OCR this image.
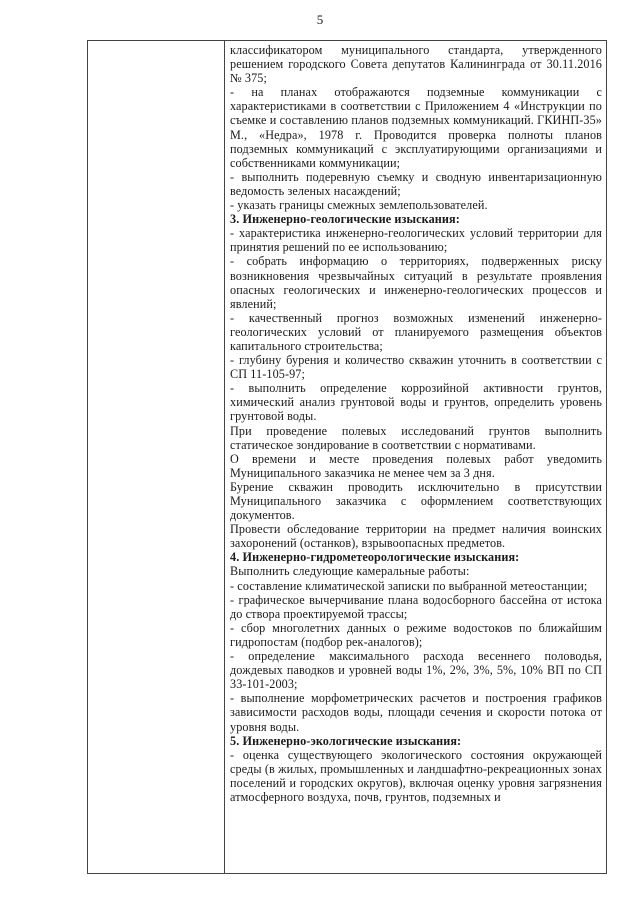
5

классификатором муниципального стандарта, утвержденного решением городского Совета депутатов Калининграда от 30.11.2016 № 375;

- на планах отображаются подземные коммуникации с характеристиками в соответствии с Приложением 4 «Инструкции по съемке и составлению планов подземных коммуникаций. ГКИНП-35» М., «Недра», 1978 г. Проводится проверка полноты планов подземных коммуникаций с эксплуатирующими организациями и собственниками коммуникации;

- выполнить подеревную съемку и сводную инвентаризационную ведомость зеленых насаждений;

- указать границы смежных землепользователей.

3. Инженерно-геологические изыскания:

- характеристика инженерно-геологических условий территории для принятия решений по ее использованию;

- собрать информацию о территориях, подверженных риску возникновения чрезвычайных ситуаций в результате проявления опасных геологических и инженерно-геологических процессов и явлений;

- качественный прогноз возможных изменений инженерно-геологических условий от планируемого размещения объектов капитального строительства;

- глубину бурения и количество скважин уточнить в соответствии с СП 11-105-97;

- выполнить определение коррозийной активности грунтов, химический анализ грунтовой воды и грунтов, определить уровень грунтовой воды.

При проведение полевых исследований грунтов выполнить статическое зондирование в соответствии с нормативами.

О времени и месте проведения полевых работ уведомить Муниципального заказчика не менее чем за 3 дня.

Бурение скважин проводить исключительно в присутствии Муниципального заказчика с оформлением соответствующих документов.

Провести обследование территории на предмет наличия воинских захоронений (останков), взрывоопасных предметов.

4. Инженерно-гидрометеорологические изыскания:

Выполнить следующие камеральные работы:

- составление климатической записки по выбранной метеостанции;

- графическое вычерчивание плана водосборного бассейна от истока до створа проектируемой трассы;

- сбор многолетних данных о режиме водостоков по ближайшим гидропостам (подбор рек-аналогов);

- определение максимального расхода весеннего половодья, дождевых паводков и уровней воды 1%, 2%, 3%, 5%, 10% ВП по СП 33-101-2003;

- выполнение морфометрических расчетов и построения графиков зависимости расходов воды, площади сечения и скорости потока от уровня воды.

5. Инженерно-экологические изыскания:

- оценка существующего экологического состояния окружающей среды (в жилых, промышленных и ландшафтно-рекреационных зонах поселений и городских округов), включая оценку уровня загрязнения атмосферного воздуха, почв, грунтов, подземных и
